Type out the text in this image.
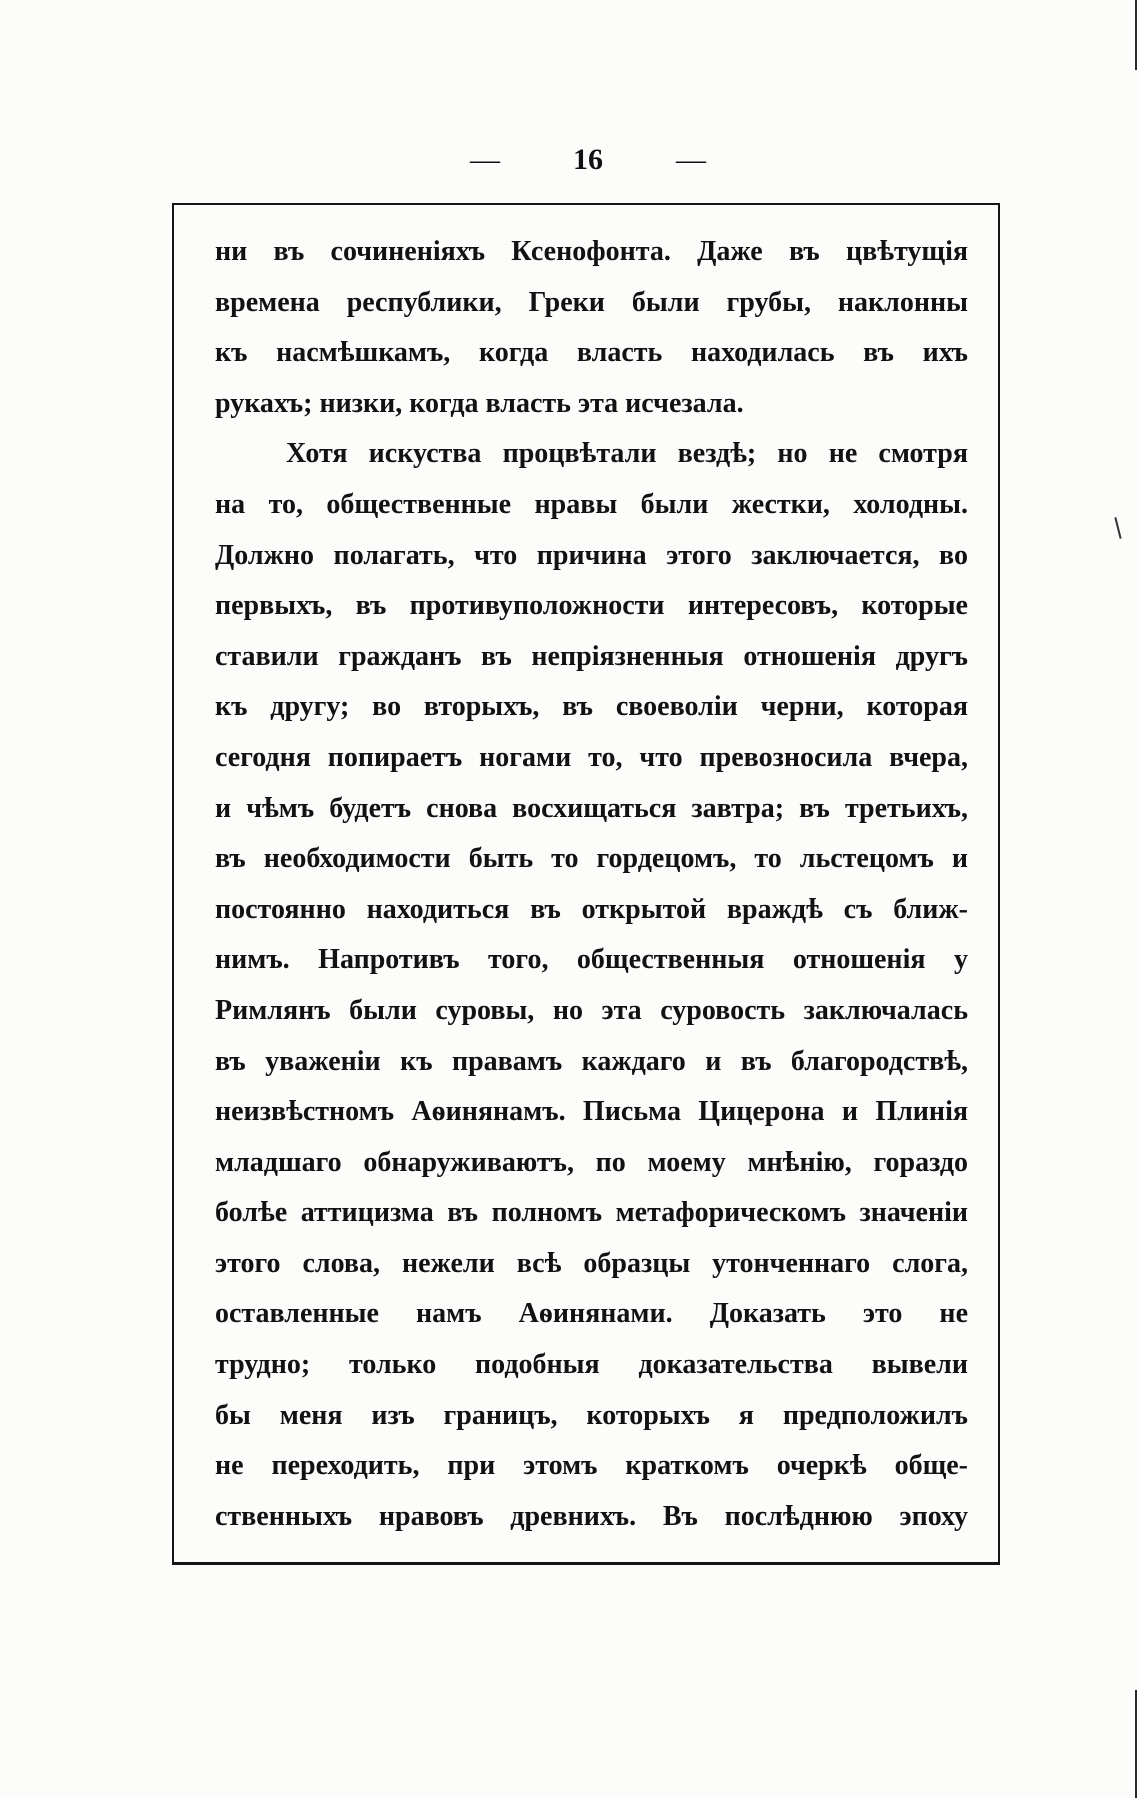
— 16 —
ни въ сочиненіяхъ Ксенофонта. Даже въ цвѣтущія
времена республики, Греки были грубы, наклонны
къ насмѣшкамъ, когда власть находилась въ ихъ
рукахъ; низки, когда власть эта исчезала.
Хотя искуства процвѣтали вездѣ; но не смотря
на то, общественные нравы были жестки, холодны.
Должно полагать, что причина этого заключается, во
первыхъ, въ противуположности интересовъ, которые
ставили гражданъ въ непріязненныя отношенія другъ
къ другу; во вторыхъ, въ своеволіи черни, которая
сегодня попираетъ ногами то, что превозносила вчера,
и чѣмъ будетъ снова восхищаться завтра; въ третьихъ,
въ необходимости быть то гордецомъ, то льстецомъ и
постоянно находиться въ открытой враждѣ съ ближ-
нимъ. Напротивъ того, общественныя отношенія у
Римлянъ были суровы, но эта суровость заключалась
въ уваженіи къ правамъ каждаго и въ благородствѣ,
неизвѣстномъ Аѳинянамъ. Письма Цицерона и Плинія
младшаго обнаруживаютъ, по моему мнѣнію, гораздо
болѣе аттицизма въ полномъ метафорическомъ значеніи
этого слова, нежели всѣ образцы утонченнаго слога,
оставленные намъ Аѳинянами. Доказать это не
трудно; только подобныя доказательства вывели
бы меня изъ границъ, которыхъ я предположилъ
не переходить, при этомъ краткомъ очеркѣ обще-
ственныхъ нравовъ древнихъ. Въ послѣднюю эпоху
